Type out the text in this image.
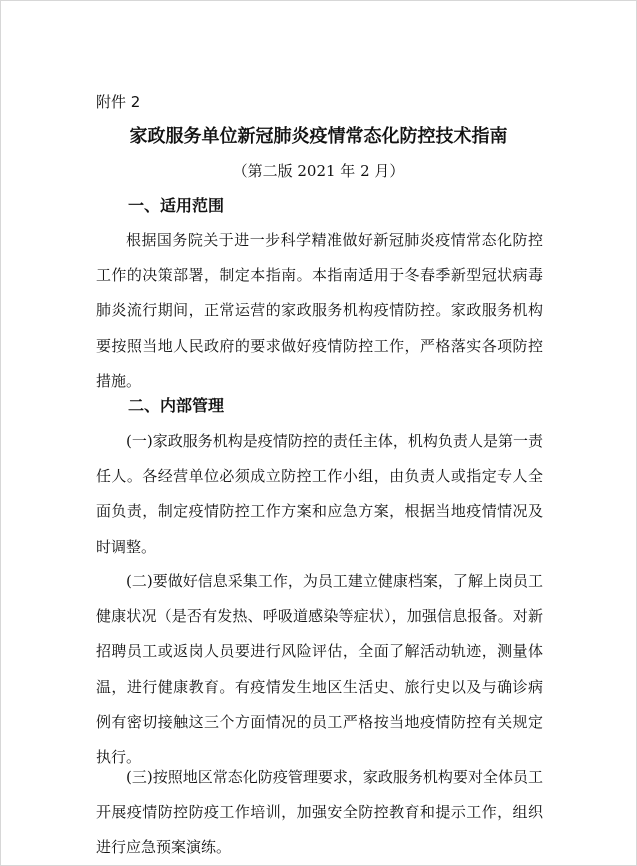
附件 2
家政服务单位新冠肺炎疫情常态化防控技术指南
（第二版 2021 年 2 月）
一、适用范围

根据国务院关于进一步科学精准做好新冠肺炎疫情常态化防控工作的决策部署，制定本指南。本指南适用于冬春季新型冠状病毒肺炎流行期间，正常运营的家政服务机构疫情防控。家政服务机构要按照当地人民政府的要求做好疫情防控工作，严格落实各项防控措施。

二、内部管理

(一)家政服务机构是疫情防控的责任主体，机构负责人是第一责任人。各经营单位必须成立防控工作小组，由负责人或指定专人全面负责，制定疫情防控工作方案和应急方案，根据当地疫情情况及时调整。

(二)要做好信息采集工作，为员工建立健康档案，了解上岗员工健康状况（是否有发热、呼吸道感染等症状），加强信息报备。对新招聘员工或返岗人员要进行风险评估，全面了解活动轨迹，测量体温，进行健康教育。有疫情发生地区生活史、旅行史以及与确诊病例有密切接触这三个方面情况的员工严格按当地疫情防控有关规定执行。

(三)按照地区常态化防疫管理要求，家政服务机构要对全体员工开展疫情防控防疫工作培训，加强安全防控教育和提示工作，组织进行应急预案演练。
